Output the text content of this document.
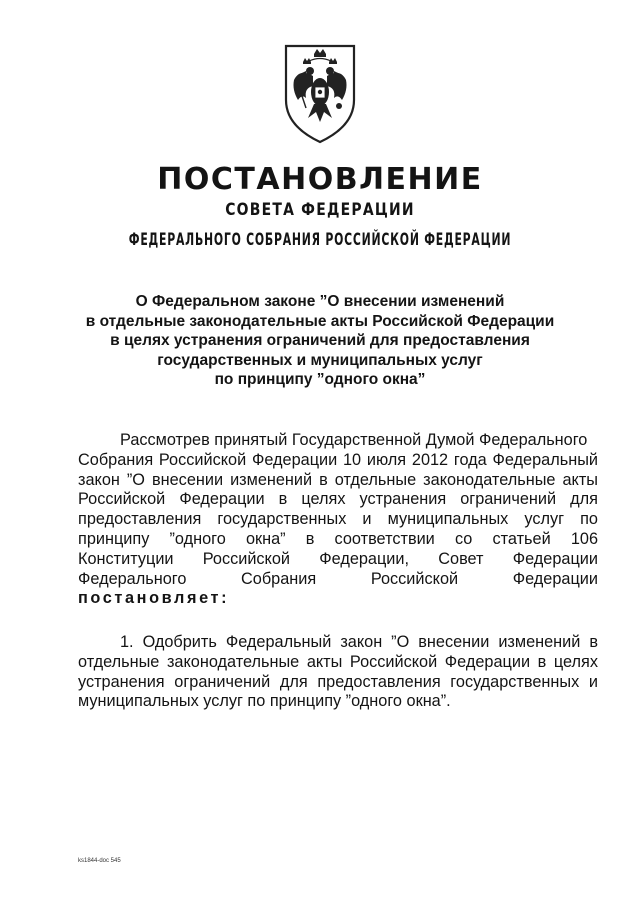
ПОСТАНОВЛЕНИЕ
СОВЕТА ФЕДЕРАЦИИ
ФЕДЕРАЛЬНОГО СОБРАНИЯ РОССИЙСКОЙ ФЕДЕРАЦИИ
О Федеральном законе ”О внесении изменений
в отдельные законодательные акты Российской Федерации
в целях устранения ограничений для предоставления
государственных и муниципальных услуг
по принципу ”одного окна”
Рассмотрев принятый Государственной Думой Федерального
Собрания Российской Федерации 10 июля 2012 года Федеральный
закон ”О внесении изменений в отдельные законодательные акты
Российской Федерации в целях устранения ограничений для
предоставления государственных и муниципальных услуг по
принципу ”одного окна” в соответствии со статьей 106
Конституции Российской Федерации, Совет Федерации
Федерального Собрания Российской Федерации
постановляет:
1. Одобрить Федеральный закон ”О внесении изменений в
отдельные законодательные акты Российской Федерации в целях
устранения ограничений для предоставления государственных и
муниципальных услуг по принципу ”одного окна”.
ks1844-doc 545
